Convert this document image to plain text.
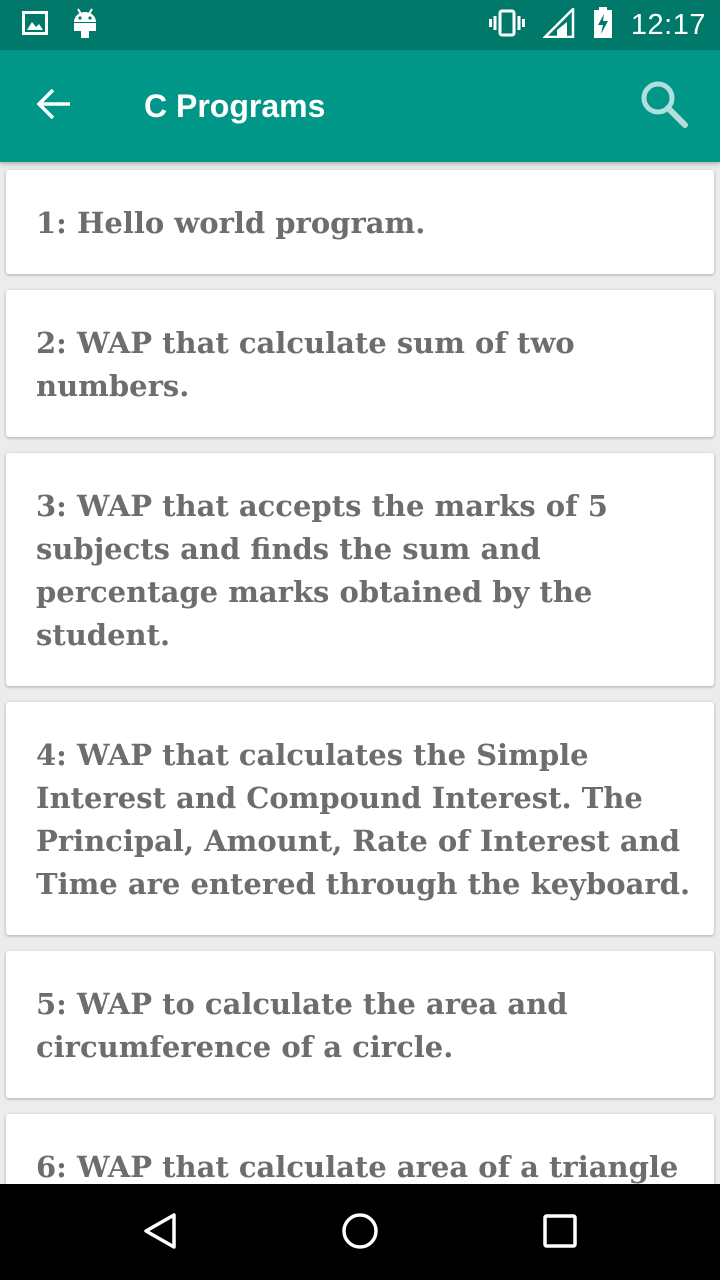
12:17
C Programs
1: Hello world program.
2: WAP that calculate sum of two numbers.
3: WAP that accepts the marks of 5 subjects and finds the sum and percentage marks obtained by the student.
4: WAP that calculates the Simple Interest and Compound Interest. The Principal, Amount, Rate of Interest and Time are entered through the keyboard.
5: WAP to calculate the area and circumference of a circle.
6: WAP that calculate area of a triangle
